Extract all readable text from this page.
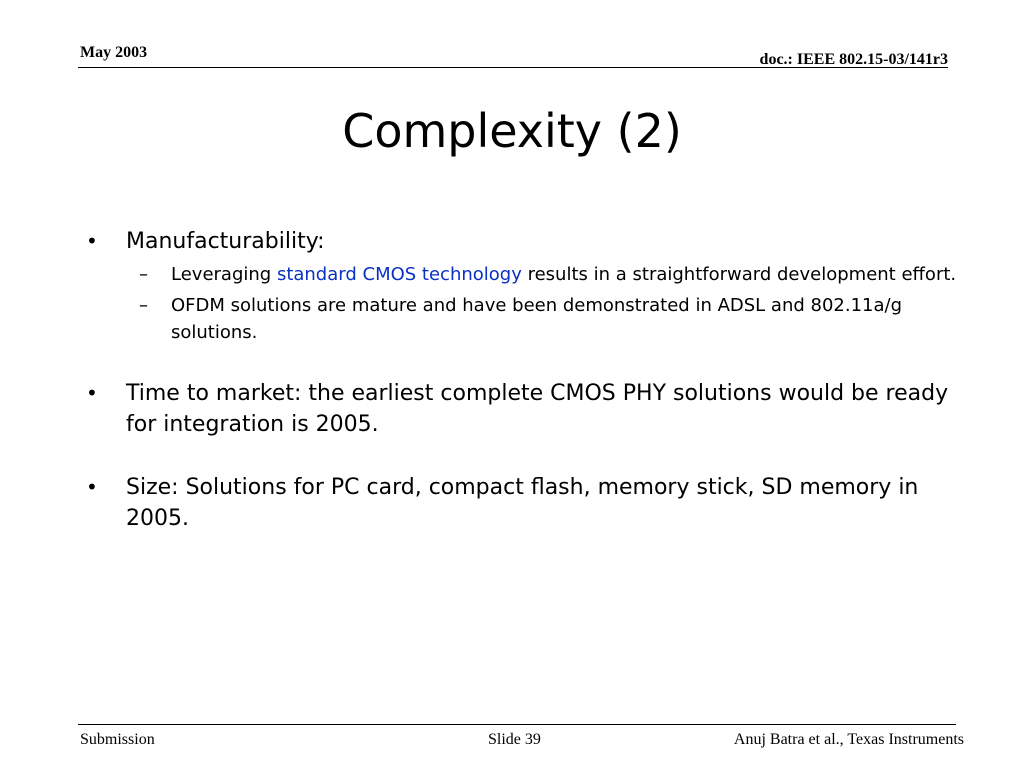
May 2003	doc.: IEEE 802.15-03/141r3
Complexity (2)
• Manufacturability:
– Leveraging standard CMOS technology results in a straightforward development effort.
– OFDM solutions are mature and have been demonstrated in ADSL and 802.11a/g solutions.
• Time to market: the earliest complete CMOS PHY solutions would be ready for integration is 2005.
• Size: Solutions for PC card, compact flash, memory stick, SD memory in 2005.
Submission	Slide 39	Anuj Batra et al., Texas Instruments
